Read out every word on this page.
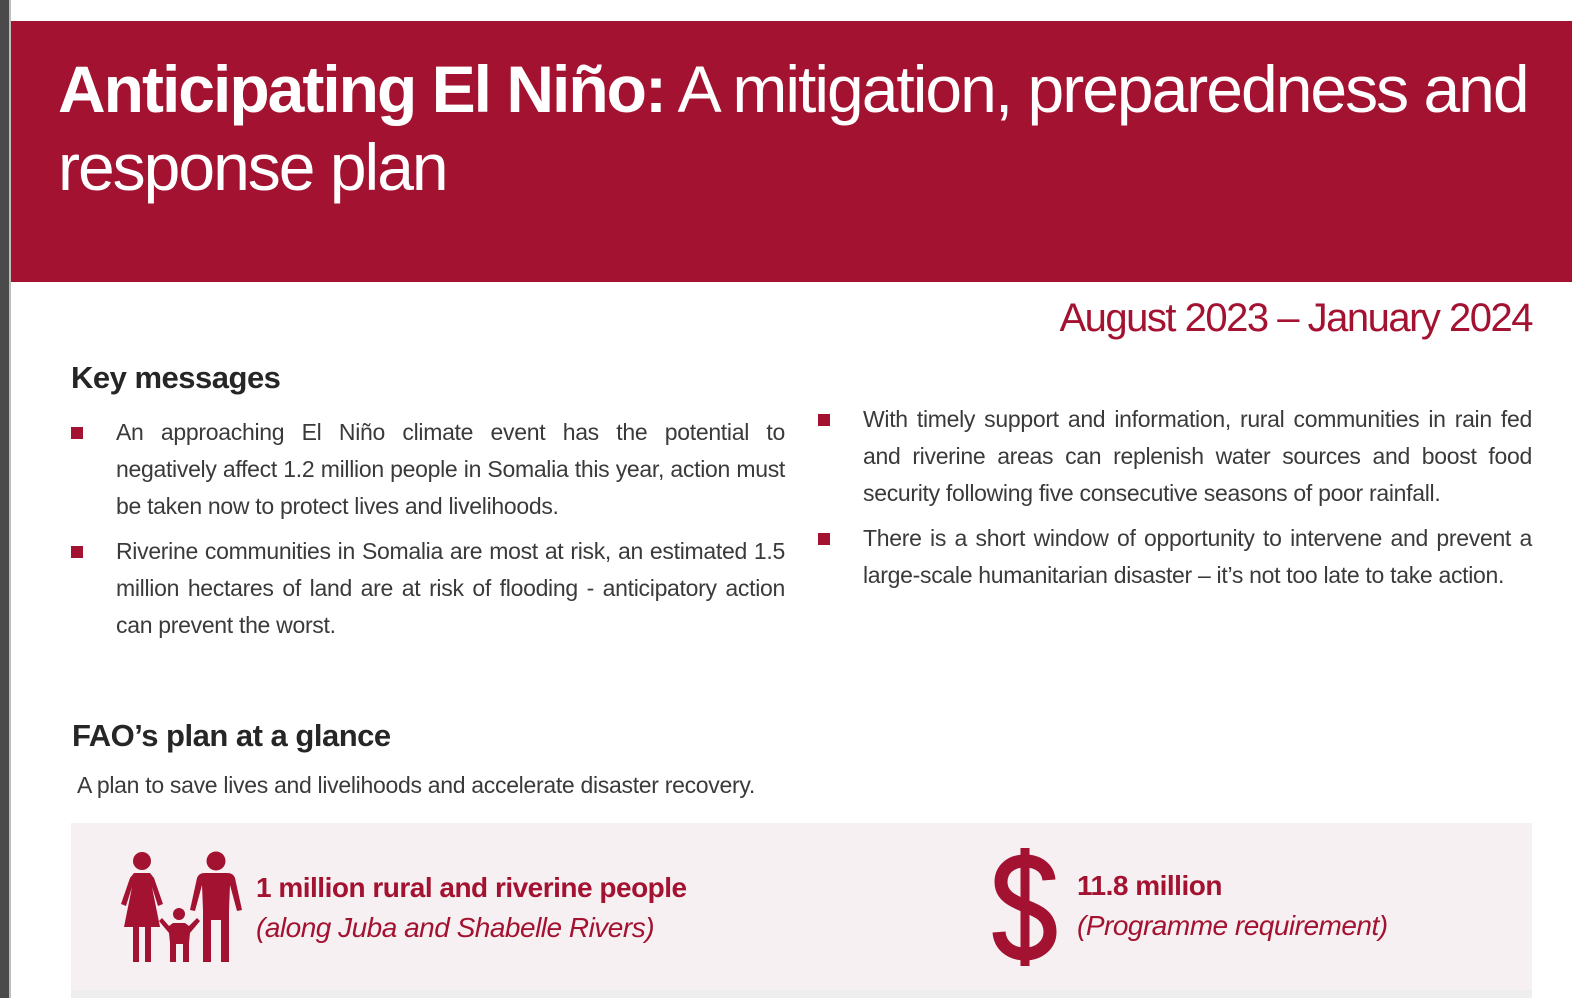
Anticipating El Niño: A mitigation, preparedness and response plan
August 2023 – January 2024
Key messages
An approaching El Niño climate event has the potential to negatively affect 1.2 million people in Somalia this year, action must be taken now to protect lives and livelihoods.
Riverine communities in Somalia are most at risk, an estimated 1.5 million hectares of land are at risk of flooding - anticipatory action can prevent the worst.
With timely support and information, rural communities in rain fed and riverine areas can replenish water sources and boost food security following five consecutive seasons of poor rainfall.
There is a short window of opportunity to intervene and prevent a large-scale humanitarian disaster – it’s not too late to take action.
FAO’s plan at a glance

A plan to save lives and livelihoods and accelerate disaster recovery.

1 million rural and riverine people
(along Juba and Shabelle Rivers)
11.8 million
(Programme requirement)
